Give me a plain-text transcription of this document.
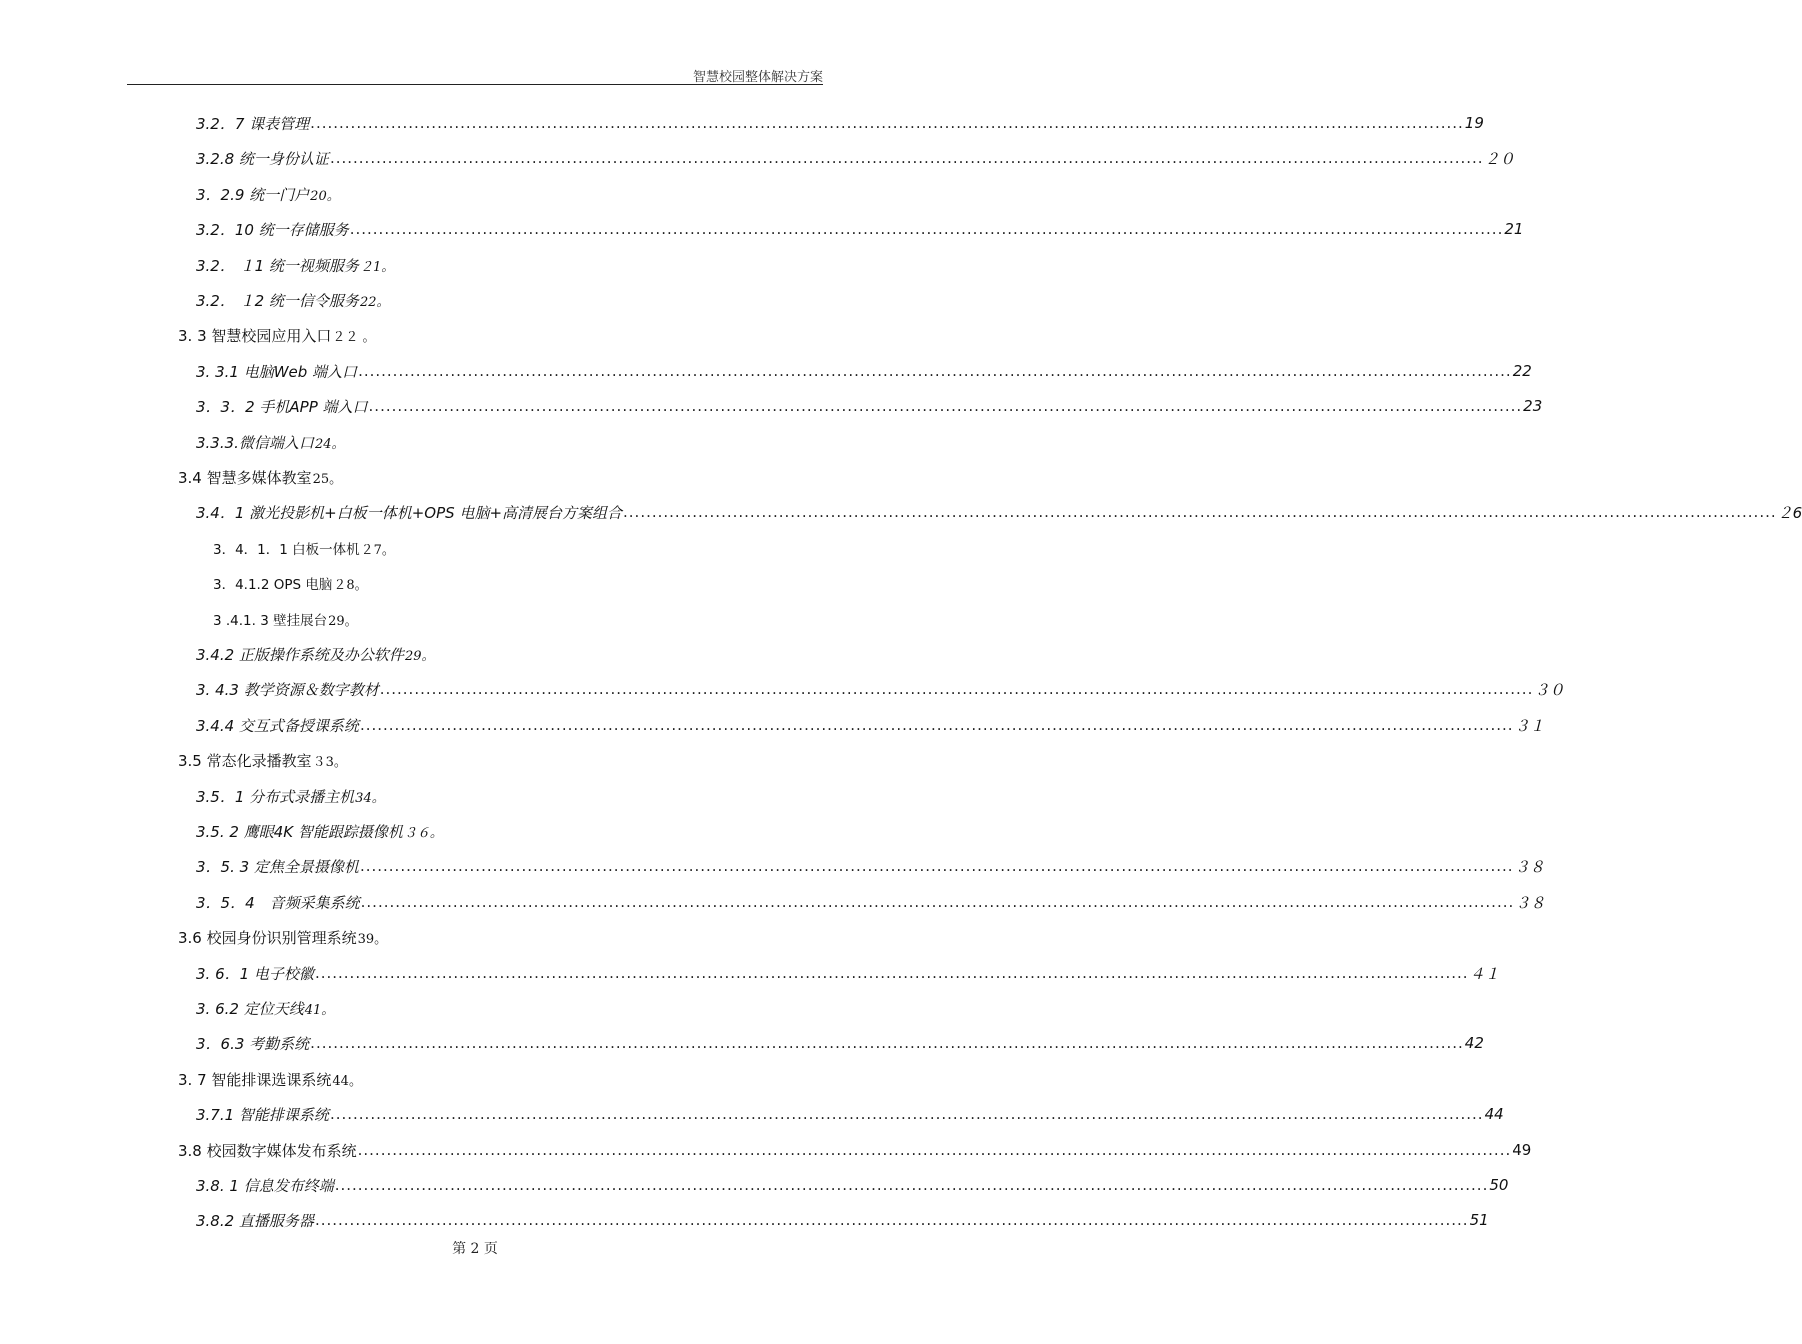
智慧校园整体解决方案
3.2．7 课表管理 ........................................................................................................................................................................................................ 19
3.2.8 统一身份认证 ........................................................................................................................................................................................................ ２０
3．2.9 统一门户 20。
3.2．10 统一存储服务 ........................................................................................................................................................................................................ 21
3.2． １1 统一视频服务 ２1。
3.2． １2 统一信令服务 22。
3. 3 智慧校园应用入口 ２２ 。
3. 3.1 电脑Web 端入口 ........................................................................................................................................................................................................ 22
3．3．2 手机APP 端入口 ........................................................................................................................................................................................................ 23
3.3.3.微信端入口 24。
3.4 智慧多媒体教室 25。
3.4．1 激光投影机+白板一体机+OPS 电脑+高清展台方案组合 ........................................................................................................................................................................................................ ２6
3．4．1．1 白板一体机 ２7。
3．4.1.2 OPS 电脑 ２8。
3 .4.1. 3 壁挂展台 29。
3.4.2 正版操作系统及办公软件 29。
3. 4.3 教学资源＆数字教材 ........................................................................................................................................................................................................ ３０
3.4.4 交互式备授课系统 ........................................................................................................................................................................................................ ３１
3.5 常态化录播教室 ３3。
3.5．1 分布式录播主机 34。
3.5. 2 鹰眼4K 智能跟踪摄像机 ３６。
3．5. 3 定焦全景摄像机 ........................................................................................................................................................................................................ ３８
3．5．4　音频采集系统 ........................................................................................................................................................................................................ ３８
3.6 校园身份识别管理系统 39。
3. 6．1 电子校徽 ........................................................................................................................................................................................................ ４１
3. 6.2 定位天线 41。
3．6.3 考勤系统 ........................................................................................................................................................................................................ 42
3. 7 智能排课选课系统 44。
3.7.1 智能排课系统 ........................................................................................................................................................................................................ 44
3.8 校园数字媒体发布系统 ........................................................................................................................................................................................................ 49
3.8. 1 信息发布终端 ........................................................................................................................................................................................................ 50
3.8.2 直播服务器 ........................................................................................................................................................................................................ 51
第 2 页
